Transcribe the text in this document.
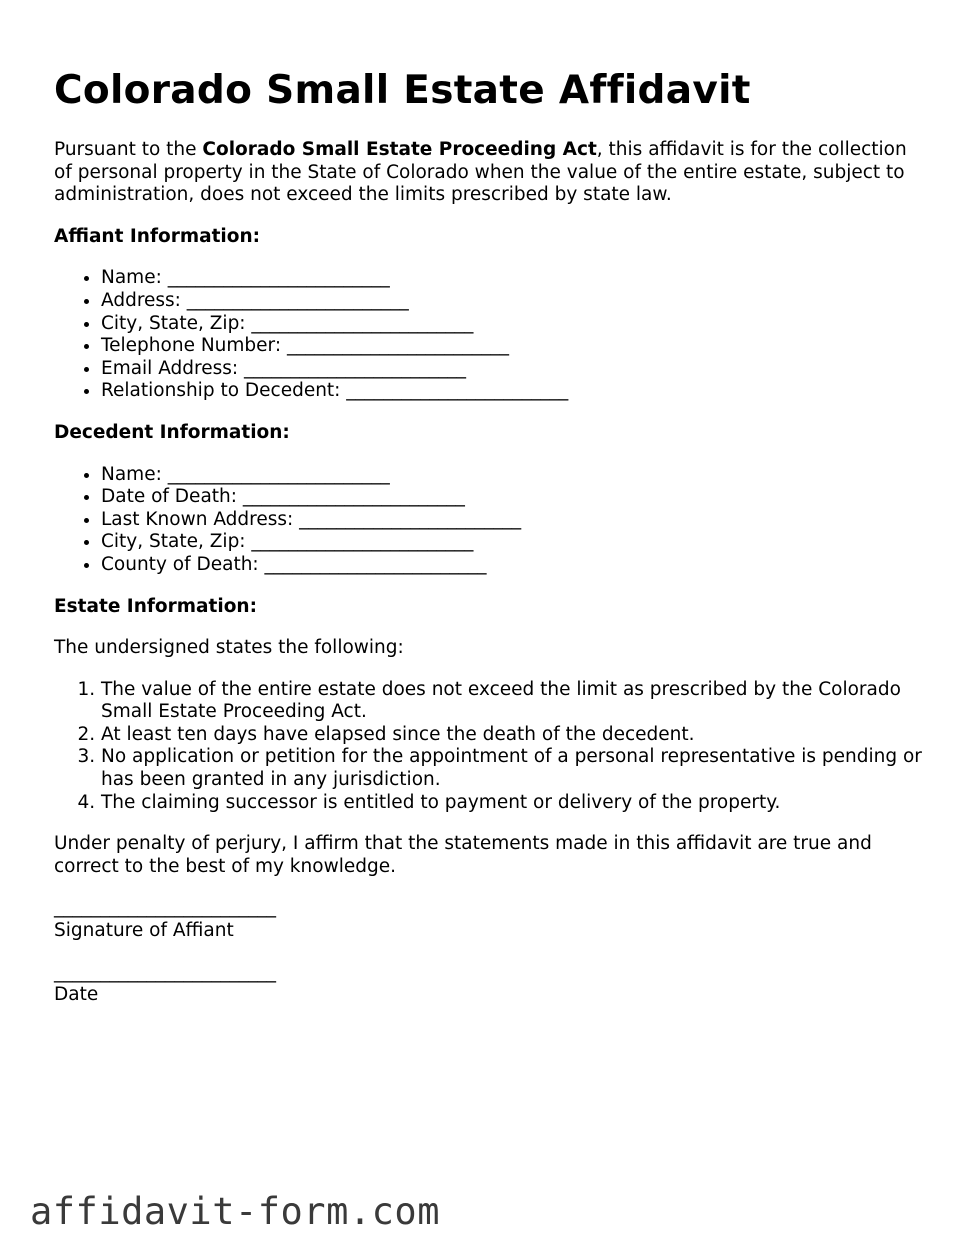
Colorado Small Estate Affidavit

Pursuant to the Colorado Small Estate Proceeding Act, this affidavit is for the collection of personal property in the State of Colorado when the value of the entire estate, subject to administration, does not exceed the limits prescribed by state law.

Affiant Information:

• Name: ________________________
• Address: ________________________
• City, State, Zip: ________________________
• Telephone Number: ________________________
• Email Address: ________________________
• Relationship to Decedent: ________________________

Decedent Information:

• Name: ________________________
• Date of Death: ________________________
• Last Known Address: ________________________
• City, State, Zip: ________________________
• County of Death: ________________________

Estate Information:

The undersigned states the following:

1. The value of the entire estate does not exceed the limit as prescribed by the Colorado Small Estate Proceeding Act.
2. At least ten days have elapsed since the death of the decedent.
3. No application or petition for the appointment of a personal representative is pending or has been granted in any jurisdiction.
4. The claiming successor is entitled to payment or delivery of the property.

Under penalty of perjury, I affirm that the statements made in this affidavit are true and correct to the best of my knowledge.

________________________

Signature of Affiant

________________________

Date

affidavit-form.com
